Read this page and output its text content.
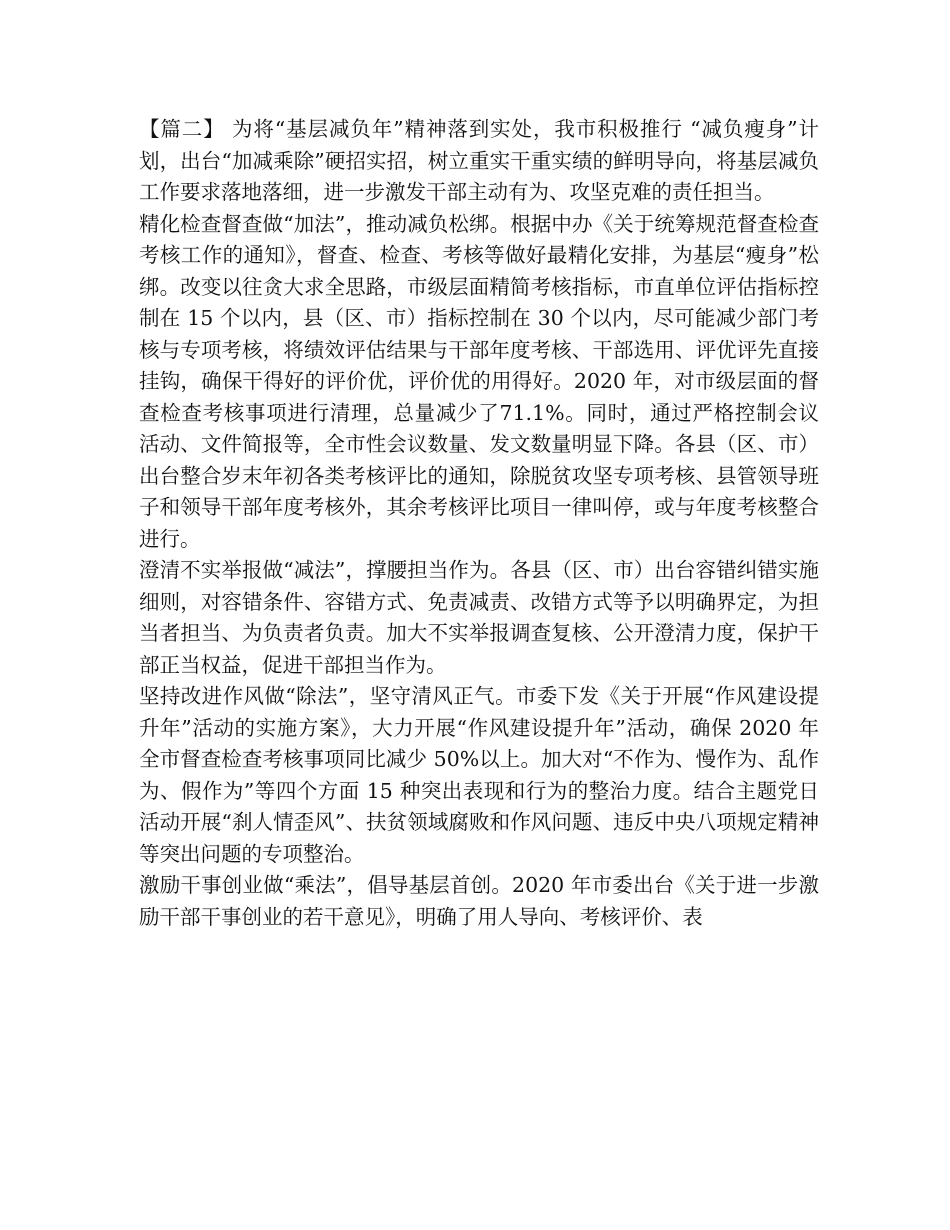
【篇二】 为将“基层减负年”精神落到实处，我市积极推行 “减负瘦身”计划，出台“加减乘除”硬招实招，树立重实干重实绩的鲜明导向，将基层减负工作要求落地落细，进一步激发干部主动有为、攻坚克难的责任担当。

精化检查督查做“加法”，推动减负松绑。根据中办《关于统筹规范督查检查考核工作的通知》，督查、检查、考核等做好最精化安排，为基层“瘦身”松绑。改变以往贪大求全思路，市级层面精简考核指标，市直单位评估指标控制在 15 个以内，县（区、市）指标控制在 30 个以内，尽可能减少部门考核与专项考核，将绩效评估结果与干部年度考核、干部选用、评优评先直接挂钩，确保干得好的评价优，评价优的用得好。2020 年，对市级层面的督查检查考核事项进行清理，总量减少了71.1%。同时，通过严格控制会议活动、文件简报等，全市性会议数量、发文数量明显下降。各县（区、市）出台整合岁末年初各类考核评比的通知，除脱贫攻坚专项考核、县管领导班子和领导干部年度考核外，其余考核评比项目一律叫停，或与年度考核整合进行。

澄清不实举报做“减法”，撑腰担当作为。各县（区、市）出台容错纠错实施细则，对容错条件、容错方式、免责减责、改错方式等予以明确界定，为担当者担当、为负责者负责。加大不实举报调查复核、公开澄清力度，保护干部正当权益，促进干部担当作为。

坚持改进作风做“除法”，坚守清风正气。市委下发《关于开展“作风建设提升年”活动的实施方案》，大力开展“作风建设提升年”活动，确保 2020 年全市督查检查考核事项同比减少 50%以上。加大对“不作为、慢作为、乱作为、假作为”等四个方面 15 种突出表现和行为的整治力度。结合主题党日活动开展“刹人情歪风”、扶贫领域腐败和作风问题、违反中央八项规定精神等突出问题的专项整治。

激励干事创业做“乘法”，倡导基层首创。2020 年市委出台《关于进一步激励干部干事创业的若干意见》，明确了用人导向、考核评价、表
